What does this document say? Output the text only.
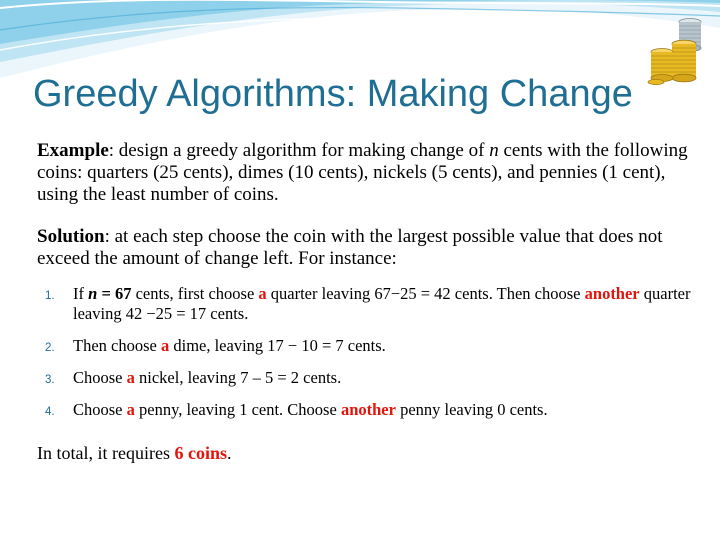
Greedy Algorithms: Making Change

Example: design a greedy algorithm for making change of n cents with the following coins: quarters (25 cents), dimes (10 cents), nickels (5 cents), and pennies (1 cent), using the least number of coins.

Solution: at each step choose the coin with the largest possible value that does not exceed the amount of change left. For instance:

1. If n = 67 cents, first choose a quarter leaving 67−25 = 42 cents. Then choose another quarter leaving 42 −25 = 17 cents.
2. Then choose a dime, leaving 17 − 10 = 7 cents.
3. Choose a nickel, leaving 7 – 5 = 2 cents.
4. Choose a penny, leaving 1 cent. Choose another penny leaving 0 cents.

In total, it requires 6 coins.
